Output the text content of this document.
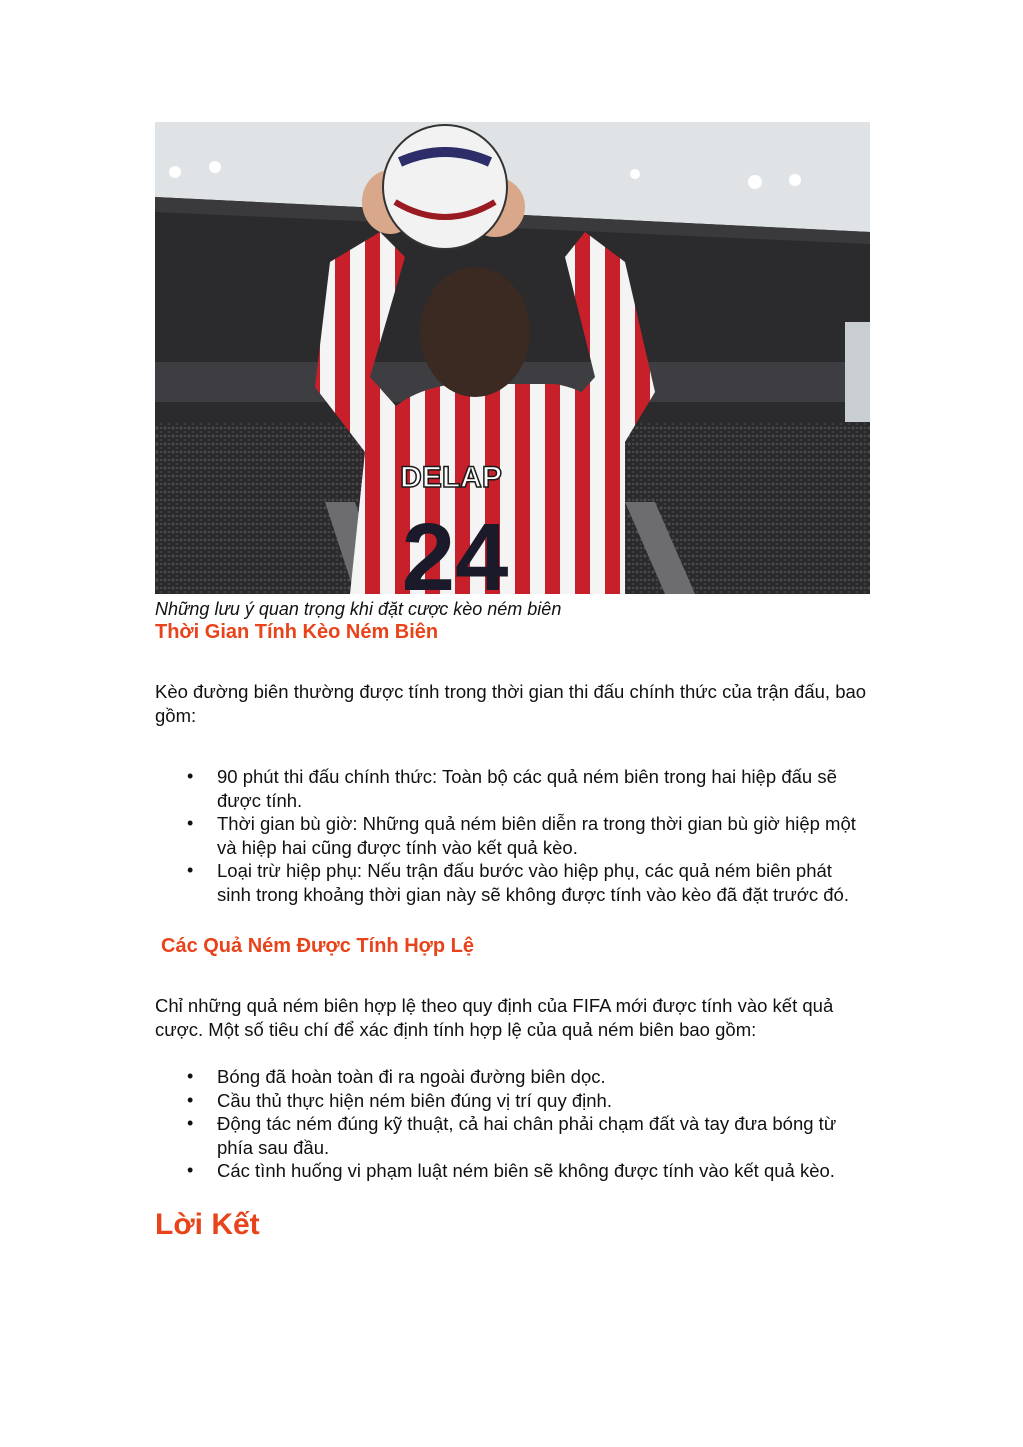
DELAP
24

Những lưu ý quan trọng khi đặt cược kèo ném biên

Thời Gian Tính Kèo Ném Biên

Kèo đường biên thường được tính trong thời gian thi đấu chính thức của trận đấu, bao gồm:

• 90 phút thi đấu chính thức: Toàn bộ các quả ném biên trong hai hiệp đấu sẽ được tính.
• Thời gian bù giờ: Những quả ném biên diễn ra trong thời gian bù giờ hiệp một và hiệp hai cũng được tính vào kết quả kèo.
• Loại trừ hiệp phụ: Nếu trận đấu bước vào hiệp phụ, các quả ném biên phát sinh trong khoảng thời gian này sẽ không được tính vào kèo đã đặt trước đó.
Các Quả Ném Được Tính Hợp Lệ

Chỉ những quả ném biên hợp lệ theo quy định của FIFA mới được tính vào kết quả cược. Một số tiêu chí để xác định tính hợp lệ của quả ném biên bao gồm:

• Bóng đã hoàn toàn đi ra ngoài đường biên dọc.
• Cầu thủ thực hiện ném biên đúng vị trí quy định.
• Động tác ném đúng kỹ thuật, cả hai chân phải chạm đất và tay đưa bóng từ phía sau đầu.
• Các tình huống vi phạm luật ném biên sẽ không được tính vào kết quả kèo.
Lời Kết
